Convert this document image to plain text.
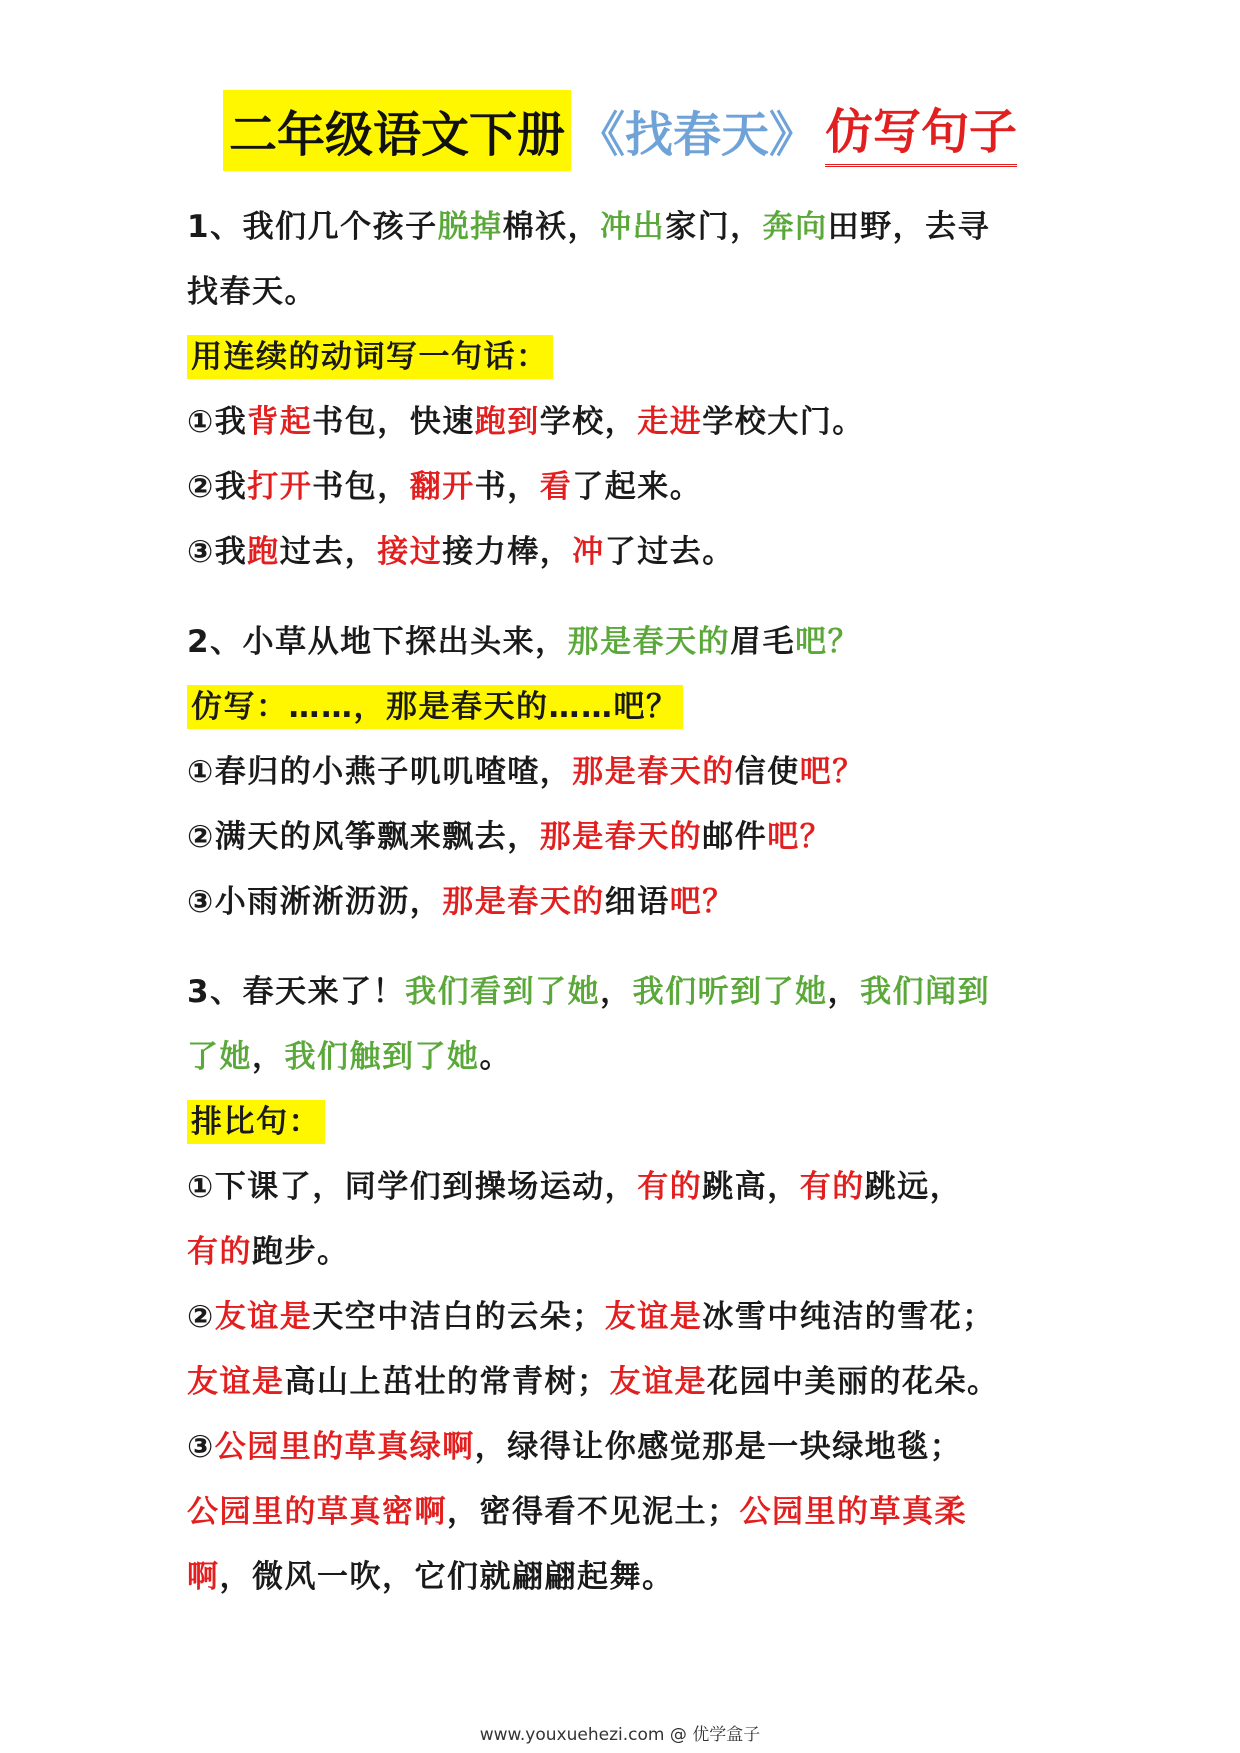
二年级语文下册 《找春天》 仿写句子
1、我们几个孩子脱掉棉袄，冲出家门，奔向田野，去寻
找春天。
用连续的动词写一句话：
①我背起书包，快速跑到学校，走进学校大门。
②我打开书包，翻开书，看了起来。
③我跑过去，接过接力棒，冲了过去。
2、小草从地下探出头来，那是春天的眉毛吧？
仿写：……，那是春天的……吧？
①春归的小燕子叽叽喳喳，那是春天的信使吧？
②满天的风筝飘来飘去，那是春天的邮件吧？
③小雨淅淅沥沥，那是春天的细语吧？
3、春天来了！我们看到了她，我们听到了她，我们闻到
了她，我们触到了她。
排比句：
①下课了，同学们到操场运动，有的跳高，有的跳远，
有的跑步。
②友谊是天空中洁白的云朵；友谊是冰雪中纯洁的雪花；
友谊是高山上茁壮的常青树；友谊是花园中美丽的花朵。
③公园里的草真绿啊，绿得让你感觉那是一块绿地毯；
公园里的草真密啊，密得看不见泥土；公园里的草真柔
啊，微风一吹，它们就翩翩起舞。
www.youxuehezi.com @ 优学盒子
